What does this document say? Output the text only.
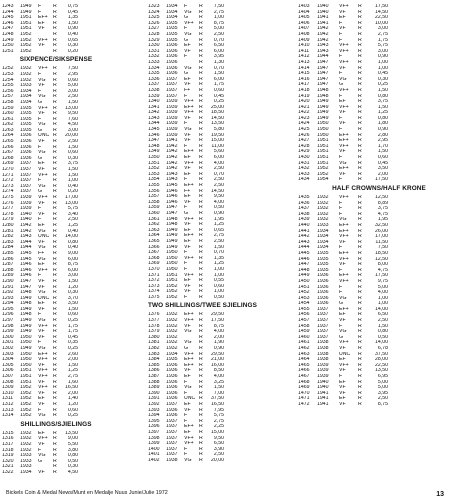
1243	1949	F	R	0,75
1244	1949	F	R	0,45
1245	1951	EF+	R	1,35
1246	1951	EF	R	1,50
1247	1951	VF	R	0,90
1248	1952	R	0,40
1249	1952	VF+	R	0,65
1250	1952	VF	R	0,30
1251	1952	R	0,20
SIXPENCE/SIKSPENSE
1252	1932	VF+	R	7,50
1253	1932	F	R	2,95
1254	1932	VG	R	0,60
1255	1933	VF	R	5,00
1256	1934	F	R	3,00
1257	1934	VG	R	2,50
1258	1934	G	R	1,50
1259	1935	VF+	R	13,00
1260	1935	VF	R	9,50
1261	1935	F	R	7,60
1262	1935	VG	R	4,50
1263	1935	G	R	3,00
1264	1936	UNC R	20,00
1265	1936	VF	R	2,50
1266	1936	F	R	1,50
1267	1936	VG	R	0,60
1268	1936	G	R	0,30
1269	1937	EF	R	3,75
1270	1937	VF	R	1,50
1271	1937	VF+	R	1,50
1272	1937	F	R	1,00
1273	1937	VG	R	0,40
1274	1937	G	R	0,20
1275	1939	VF+	R	17,00
1276	1939	VF	R	13,00
1277	1939	F	R	5,75
1278	1940	VF	R	3,40
1279	1940	F	R	2,50
1280	1942	EF	R	1,25
1281	1942	VG	R	0,40
1282	1943	UNC R	14,00
1283	1944	VF	R	0,80
1284	1944	VG	R	0,40
1285	1945	F+	R	9,00
1286	1945	VG	R	6,00
1287	1946	EF	R	8,75
1288	1946	VF+	R	6,00
1289	1946	F	R	3,00
1290	1947	VF	R	1,50
1291	1947	VF	R	1,20
1292	1948	VG	R	0,30
1293	1949	UNC R	3,70
1294	1948	EF	R	3,50
1295	1949	VF	R	1,50
1296	1948	F	R	0,60
1297	1949	VG	R	0,25
1298	1949	VF+	R	1,75
1299	1949	VF	R	1,75
1300	1950	VF	R	0,45
1301	1950	F	R	0,35
1302	1949	VG	R	0,25
1303	1950	EF+	R	2,60
1304	1950	VF+	R	2,00
1305	1950	VF	R	1,50
1306	1951	VF+	R	1,25
1307	1951	VF+	R	2,75
1308	1951	VF	R	1,60
1309	1952	VF+	R	16,50
1310	1952	VF	R	2,00
1311	1952	EF	R	1,40
1312	1952	VF	R	1,20
1313	1952	F	R	0,60
1314	1952	VG	R	0,25
SHILLINGS/SJIELINGS
1315	1932	EF	R	13,50
1316	1932	VF+	R	9,00
1317	1932	VF	R	5,50
1318	1932	F	R	3,80
1319	1933	VG	R	0,80
1320	1933	G	R	0,50
1321	1933	R	0,30
1322	1934	VF	R	4,50
1323	1934	F	R	7,50
1324	1934	VG	R	2,75
1325	1934	G	R	1,00
1326	1935	VF+	R	8,75
1327	1935	F	R	5,00
1328	1935	VG	R	2,50
1329	1935	G	R	0,70
1330	1936	EF	R	6,50
1331	1936	VF	R	6,00
1332	1936	F	R	3,95
1333	1936	R	1,30
1334	1936	VG	R	0,70
1335	1936	G	R	1,50
1336	1937	EF	R	6,00
1337	1937	VF	R	1,75
1338	1937	F+	R	0,60
1339	1937	F	R	0,45
1340	1939	VF+	R	0,25
1341	1939	EF+	R	25,00
1342	1939	VF+	R	18,50
1343	1939	VF	R	14,50
1344	1939	F	R	13,50
1345	1939	VG	R	5,80
1346	1939	VF	R	19,50
1347	1941	VF	R	15,00
1348	1942	F	R	11,00
1349	1942	EF+	R	5,60
1350	1942	EF	R	6,00
1351	1942	VF+	R	4,00
1352	1942	VF	R	2,50
1353	1943	EF	R	0,70
1354	1943	F	R	2,50
1355	1945	EF+	R	2,50
1356	1946	F+	R	14,50
1357	1946	EF	R	9,50
1358	1946	VF	R	4,00
1359	1947	F	R	0,50
1360	1947	G	R	0,90
1361	1948	VF+	R	1,95
1362	1948	VF	R	1,25
1363	1949	EF	R	0,65
1364	1949	EF+	R	2,75
1365	1949	EF	R	2,50
1366	1949	VF	R	1,50
1367	1950	F	R	0,70
1368	1950	VF+	R	1,35
1369	1950	F	R	1,25
1370	1950	F	R	1,00
1371	1951	VF+	R	1,00
1372	1951	EF	R	0,55
1373	1952	VF	R	0,60
1374	1952	VF	R	1,00
1375	1952	F	R	0,50
TWO SHILLINGS/TWEE SJIELINGS
1376	1932	EF+	R	29,50
1377	1932	VF+	R	17,50
1378	1932	VF	R	8,75
1379	1932	VG	R	4,00
1380	1932	R	2,00
1381	1932	VG	R	1,90
1382	1932	G	R	0,90
1383	1934	VF+	R	29,50
1384	1935	EF+	R	21,00
1385	1936	EF+	R	16,00
1386	1936	VF	R	8,50
1387	1936	EF	R	4,00
1388	1936	F	R	3,25
1389	1936	VG	R	1,50
1390	1936	F	R	7,00
1391	1936	UNC R	37,50
1392	1937	EF	R	16,50
1393	1936	VF	R	7,95
1394	1936	F	R	5,75
1395	1937	F	R	2,75
1396	1937	EF+	R	2,25
1397	1937	EF	R	15,00
1398	1937	VF+	R	9,50
1399	1937	VF+	R	6,50
1400	1937	F	R	3,90
1401	1937	F	R	2,50
1402	1938	VG	R	20,00
1403	1940	VF+	R	17,50
1404	1940	VF	R	14,50
1405	1941	EF	R	22,50
1406	1941	F	R	10,00
1407	1942	VF	R	3,00
1408	1942	F	R	2,75
1409	1942	F	R	1,75
1410	1943	VF+	R	5,75
1411	1943	VF+	R	3,00
1412	1944	F	R	0,90
1413	1947	VF+	R	1,00
1414	1947	VF	R	1,00
1415	1947	F	R	0,45
1416	1947	VG	R	0,30
1417	1947	G	R	0,25
1418	1948	VF+	R	1,50
1419	1948	F	R	0,80
1420	1949	EF	R	3,75
1421	1949	VF+	R	1,50
1422	1949	VF	R	1,25
1423	1949	F	R	0,80
1424	1950	VF	R	1,80
1425	1950	F	R	0,90
1426	1950	EF+	R	2,80
1427	1951	EF+	R	2,95
1428	1951	VF+	R	1,70
1429	1951	VF	R	1,50
1430	1951	F	R	0,60
1431	1951	VG	R	0,45
1432	1952	EF+	R	3,50
1433	1952	VF	R	2,00
1434	1954	F	R	17,50
HALF CROWNS/HALF KRONE
1435	1932	VF+	R	12,50
1436	1932	F	R	8,89
1437	1932	F	R	3,75
1438	1932	F	R	4,75
1439	1932	VG	R	1,95
1440	1933	EF+	R	32,50
1441	1934	EF+	R	26,00
1442	1934	VF+	R	17,00
1443	1934	VF	R	11,50
1444	1934	F	R	7,50
1445	1935	EF+	R	18,50
1446	1935	VF+	R	12,50
1447	1935	VF	R	8,00
1448	1935	F	R	4,75
1449	1936	EF+	R	17,50
1450	1936	VF+	R	9,75
1451	1936	F	R	5,00
1452	1936	F	R	4,00
1453	1936	VG	R	1,00
1454	1936	G	R	1,00
1455	1937	EF+	R	14,00
1456	1937	EF	R	6,50
1457	1937	VF	R	2,50
1458	1937	F	R	1,50
1459	1937	VG	R	0,80
1460	1937	G	R	0,50
1461	1938	VF+	R	14,00
1462	1938	VF	R	6,78
1463	1938	UNC	R	37,50
1464	1938	EF	R	28,00
1465	1939	VF+	R	22,50
1466	1939	VF	R	13,50
1467	1939	F	R	6,95
1468	1940	EF	R	5,00
1469	1940	VF	R	5,00
1470	1941	VF	R	3,95
1471	1941	EF	R	2,50
1472	1941	VF	R	8,75
Bickels Coin & Medal News/Munt en Medalje Nuus Junie/Julie 1972	13
